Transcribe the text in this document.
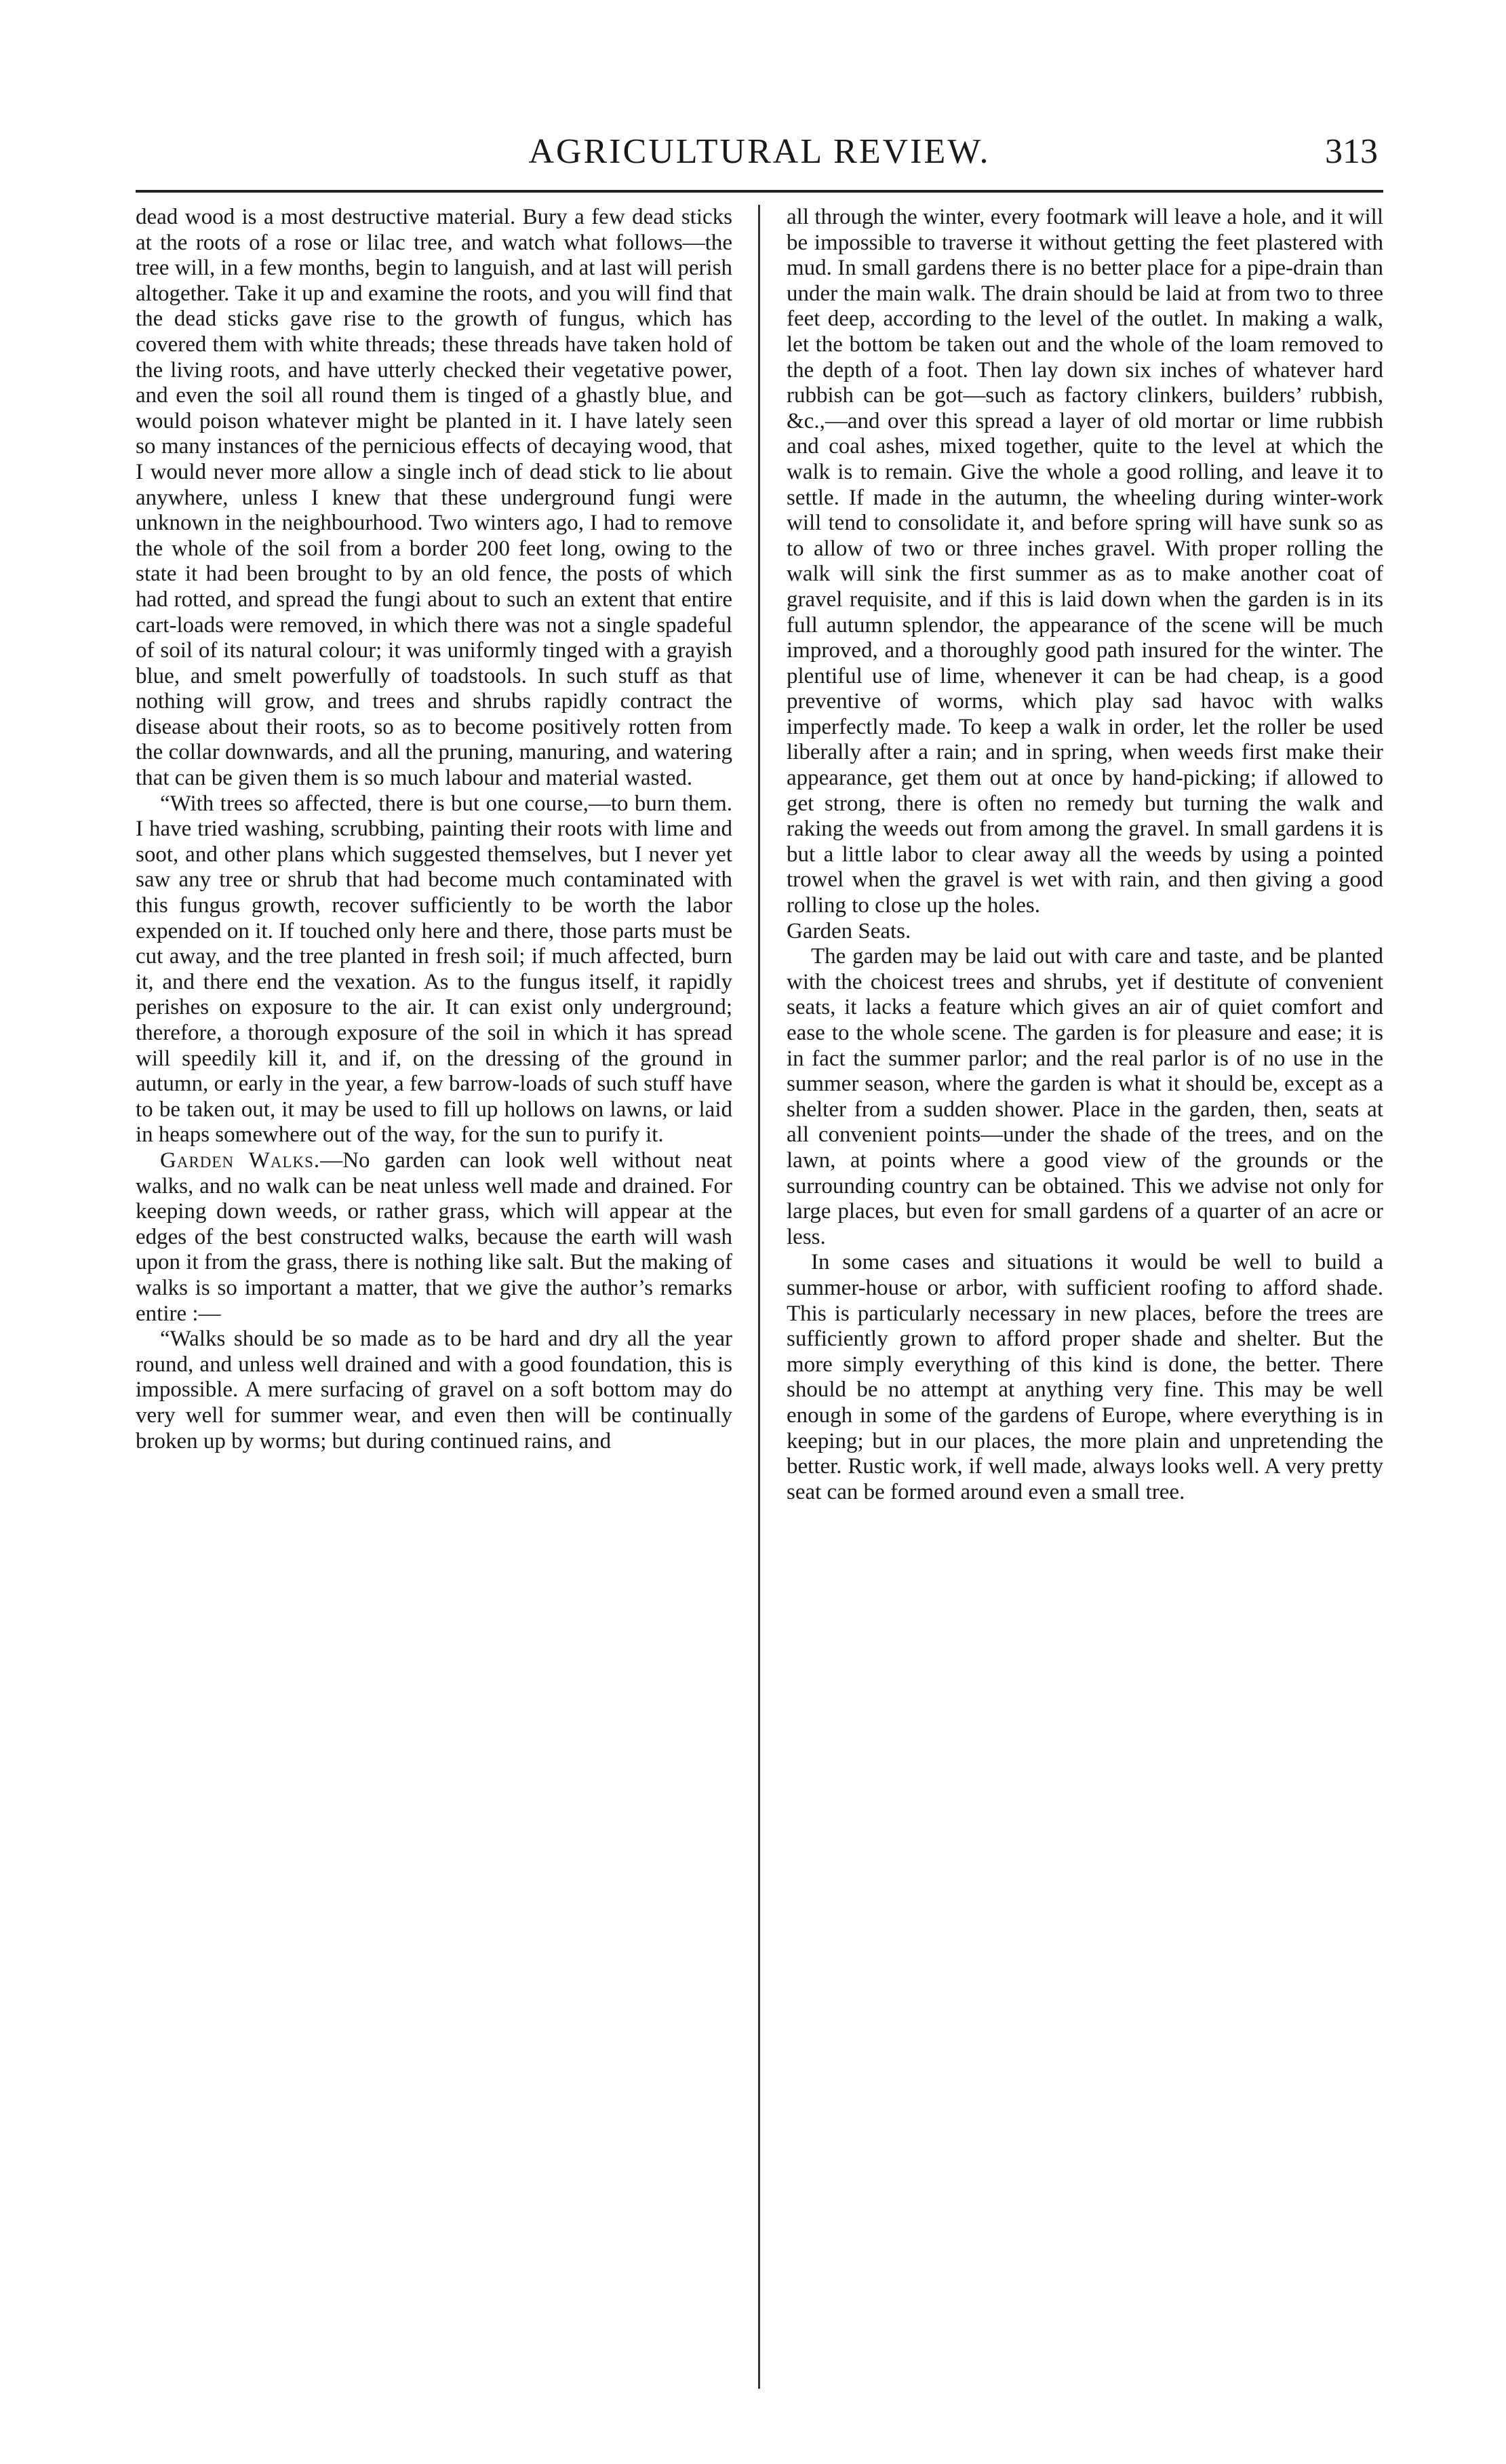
AGRICULTURAL REVIEW.	313

dead wood is a most destructive material. Bury a few dead sticks at the roots of a rose or lilac tree, and watch what follows—the tree will, in a few months, begin to languish, and at last will perish altogether. Take it up and examine the roots, and you will find that the dead sticks gave rise to the growth of fungus, which has covered them with white threads; these threads have taken hold of the living roots, and have utterly checked their vegetative power, and even the soil all round them is tinged of a ghastly blue, and would poison whatever might be planted in it. I have lately seen so many instances of the pernicious effects of decaying wood, that I would never more allow a single inch of dead stick to lie about anywhere, unless I knew that these underground fungi were unknown in the neighbourhood. Two winters ago, I had to remove the whole of the soil from a border 200 feet long, owing to the state it had been brought to by an old fence, the posts of which had rotted, and spread the fungi about to such an extent that entire cart-loads were removed, in which there was not a single spadeful of soil of its natural colour; it was uniformly tinged with a grayish blue, and smelt powerfully of toadstools. In such stuff as that nothing will grow, and trees and shrubs rapidly contract the disease about their roots, so as to become positively rotten from the collar downwards, and all the pruning, manuring, and watering that can be given them is so much labour and material wasted.

“With trees so affected, there is but one course,—to burn them. I have tried washing, scrubbing, painting their roots with lime and soot, and other plans which suggested themselves, but I never yet saw any tree or shrub that had become much contaminated with this fungus growth, recover sufficiently to be worth the labor expended on it. If touched only here and there, those parts must be cut away, and the tree planted in fresh soil; if much affected, burn it, and there end the vexation. As to the fungus itself, it rapidly perishes on exposure to the air. It can exist only underground; therefore, a thorough exposure of the soil in which it has spread will speedily kill it, and if, on the dressing of the ground in autumn, or early in the year, a few barrow-loads of such stuff have to be taken out, it may be used to fill up hollows on lawns, or laid in heaps somewhere out of the way, for the sun to purify it.

Garden Walks.—No garden can look well without neat walks, and no walk can be neat unless well made and drained. For keeping down weeds, or rather grass, which will appear at the edges of the best constructed walks, because the earth will wash upon it from the grass, there is nothing like salt. But the making of walks is so important a matter, that we give the author’s remarks entire :—

“Walks should be so made as to be hard and dry all the year round, and unless well drained and with a good foundation, this is impossible. A mere surfacing of gravel on a soft bottom may do very well for summer wear, and even then will be continually broken up by worms; but during continued rains, and

all through the winter, every footmark will leave a hole, and it will be impossible to traverse it without getting the feet plastered with mud. In small gardens there is no better place for a pipe-drain than under the main walk. The drain should be laid at from two to three feet deep, according to the level of the outlet. In making a walk, let the bottom be taken out and the whole of the loam removed to the depth of a foot. Then lay down six inches of whatever hard rubbish can be got—such as factory clinkers, builders’ rubbish, &c.,—and over this spread a layer of old mortar or lime rubbish and coal ashes, mixed together, quite to the level at which the walk is to remain. Give the whole a good rolling, and leave it to settle. If made in the autumn, the wheeling during winter-work will tend to consolidate it, and before spring will have sunk so as to allow of two or three inches gravel. With proper rolling the walk will sink the first summer as as to make another coat of gravel requisite, and if this is laid down when the garden is in its full autumn splendor, the appearance of the scene will be much improved, and a thoroughly good path insured for the winter. The plentiful use of lime, whenever it can be had cheap, is a good preventive of worms, which play sad havoc with walks imperfectly made. To keep a walk in order, let the roller be used liberally after a rain; and in spring, when weeds first make their appearance, get them out at once by hand-picking; if allowed to get strong, there is often no remedy but turning the walk and raking the weeds out from among the gravel. In small gardens it is but a little labor to clear away all the weeds by using a pointed trowel when the gravel is wet with rain, and then giving a good rolling to close up the holes.

Garden Seats.

The garden may be laid out with care and taste, and be planted with the choicest trees and shrubs, yet if destitute of convenient seats, it lacks a feature which gives an air of quiet comfort and ease to the whole scene. The garden is for pleasure and ease; it is in fact the summer parlor; and the real parlor is of no use in the summer season, where the garden is what it should be, except as a shelter from a sudden shower. Place in the garden, then, seats at all convenient points—under the shade of the trees, and on the lawn, at points where a good view of the grounds or the surrounding country can be obtained. This we advise not only for large places, but even for small gardens of a quarter of an acre or less.

In some cases and situations it would be well to build a summer-house or arbor, with sufficient roofing to afford shade. This is particularly necessary in new places, before the trees are sufficiently grown to afford proper shade and shelter. But the more simply everything of this kind is done, the better. There should be no attempt at anything very fine. This may be well enough in some of the gardens of Europe, where everything is in keeping; but in our places, the more plain and unpretending the better. Rustic work, if well made, always looks well. A very pretty seat can be formed around even a small tree.
